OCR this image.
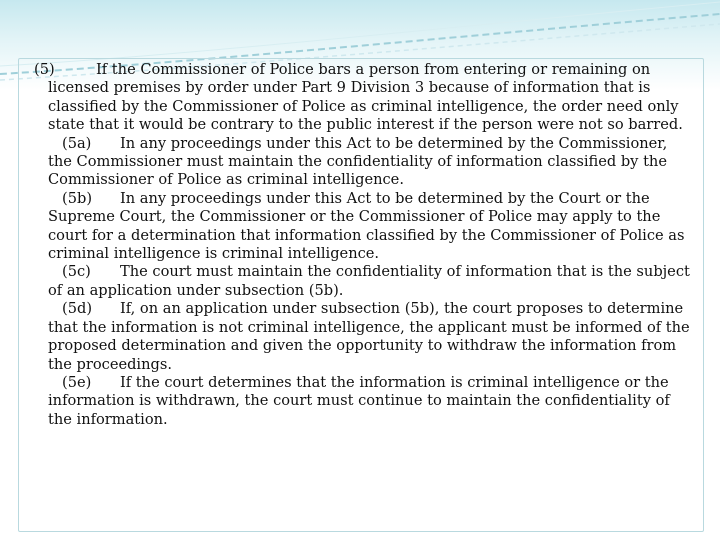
(5)	If the Commissioner of Police bars a person from entering or remaining on licensed premises by order under Part 9 Division 3 because of information that is classified by the Commissioner of Police as criminal intelligence, the order need only state that it would be contrary to the public interest if the person were not so barred.

(5a) In any proceedings under this Act to be determined by the Commissioner, the Commissioner must maintain the confidentiality of information classified by the Commissioner of Police as criminal intelligence.

(5b) In any proceedings under this Act to be determined by the Court or the Supreme Court, the Commissioner or the Commissioner of Police may apply to the court for a determination that information classified by the Commissioner of Police as criminal intelligence is criminal intelligence.

(5c) The court must maintain the confidentiality of information that is the subject of an application under subsection (5b).

(5d) If, on an application under subsection (5b), the court proposes to determine that the information is not criminal intelligence, the applicant must be informed of the proposed determination and given the opportunity to withdraw the information from the proceedings.

(5e) If the court determines that the information is criminal intelligence or the information is withdrawn, the court must continue to maintain the confidentiality of the information.
